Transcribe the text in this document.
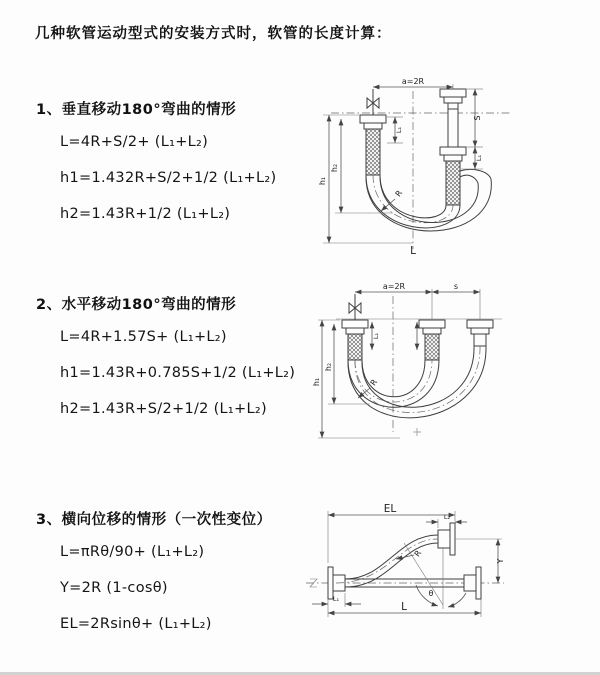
几种软管运动型式的安装方式时，软管的长度计算：
1、垂直移动180°弯曲的情形
L=4R+S/2+ (L₁+L₂)
h1=1.432R+S/2+1/2 (L₁+L₂)
h2=1.43R+1/2 (L₁+L₂)
a=2R
h₁
h₂
L₁
S
L₁
R
L
2、水平移动180°弯曲的情形
L=4R+1.57S+ (L₁+L₂)
h1=1.43R+0.785S+1/2 (L₁+L₂)
h2=1.43R+S/2+1/2 (L₁+L₂)
a=2R	s
h₁
h₂
L₁
R
3、横向位移的情形（一次性变位）
L=πRθ/90+ (L₁+L₂)
Y=2R (1-cosθ)
EL=2Rsinθ+ (L₁+L₂)
θ
R
EL
L₂
Y
L
L₁
